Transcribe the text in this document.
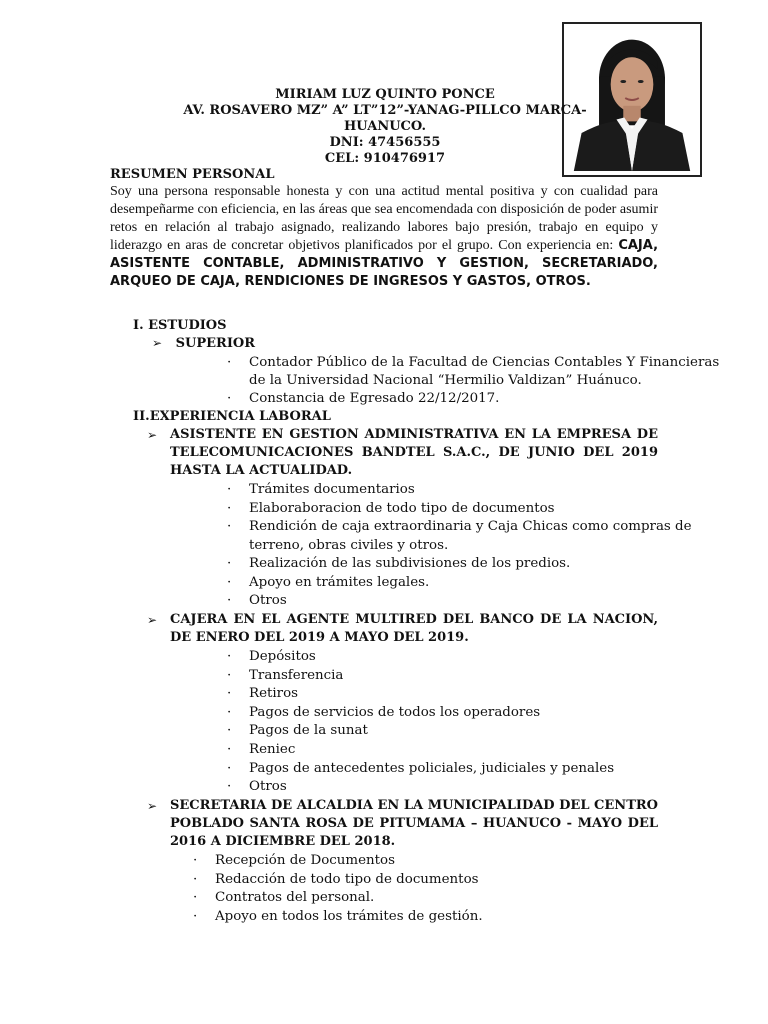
MIRIAM LUZ QUINTO PONCE
AV. ROSAVERO MZ” A” LT”12”-YANAG-PILLCO MARCA-
HUANUCO.
DNI: 47456555
CEL: 910476917
RESUMEN PERSONAL
Soy una persona responsable honesta y con una actitud mental positiva y con cualidad para desempeñarme con eficiencia, en las áreas que sea encomendada con disposición de poder asumir retos en relación al trabajo asignado, realizando labores bajo presión, trabajo en equipo y liderazgo en aras de concretar objetivos planificados por el grupo. Con experiencia en: CAJA, ASISTENTE CONTABLE, ADMINISTRATIVO Y GESTION, SECRETARIADO, ARQUEO DE CAJA, RENDICIONES DE INGRESOS Y GASTOS, OTROS.
I. ESTUDIOS
➢ SUPERIOR
· Contador Público de la Facultad de Ciencias Contables Y Financieras
de la Universidad Nacional “Hermilio Valdizan” Huánuco.
· Constancia de Egresado 22/12/2017.
II.EXPERIENCIA LABORAL
➢ ASISTENTE EN GESTION ADMINISTRATIVA EN LA EMPRESA DE TELECOMUNICACIONES BANDTEL S.A.C., DE JUNIO DEL 2019 HASTA LA ACTUALIDAD.
· Trámites documentarios
· Elaboraboracion de todo tipo de documentos
· Rendición de caja extraordinaria y Caja Chicas como compras de
terreno, obras civiles y otros.
· Realización de las subdivisiones de los predios.
· Apoyo en trámites legales.
· Otros
➢ CAJERA EN EL AGENTE MULTIRED DEL BANCO DE LA NACION, DE ENERO DEL 2019 A MAYO DEL 2019.
· Depósitos
· Transferencia
· Retiros
· Pagos de servicios de todos los operadores
· Pagos de la sunat
· Reniec
· Pagos de antecedentes policiales, judiciales y penales
· Otros
➢ SECRETARIA DE ALCALDIA EN LA MUNICIPALIDAD DEL CENTRO POBLADO SANTA ROSA DE PITUMAMA – HUANUCO - MAYO DEL 2016 A DICIEMBRE DEL 2018.
· Recepción de Documentos
· Redacción de todo tipo de documentos
· Contratos del personal.
· Apoyo en todos los trámites de gestión.
